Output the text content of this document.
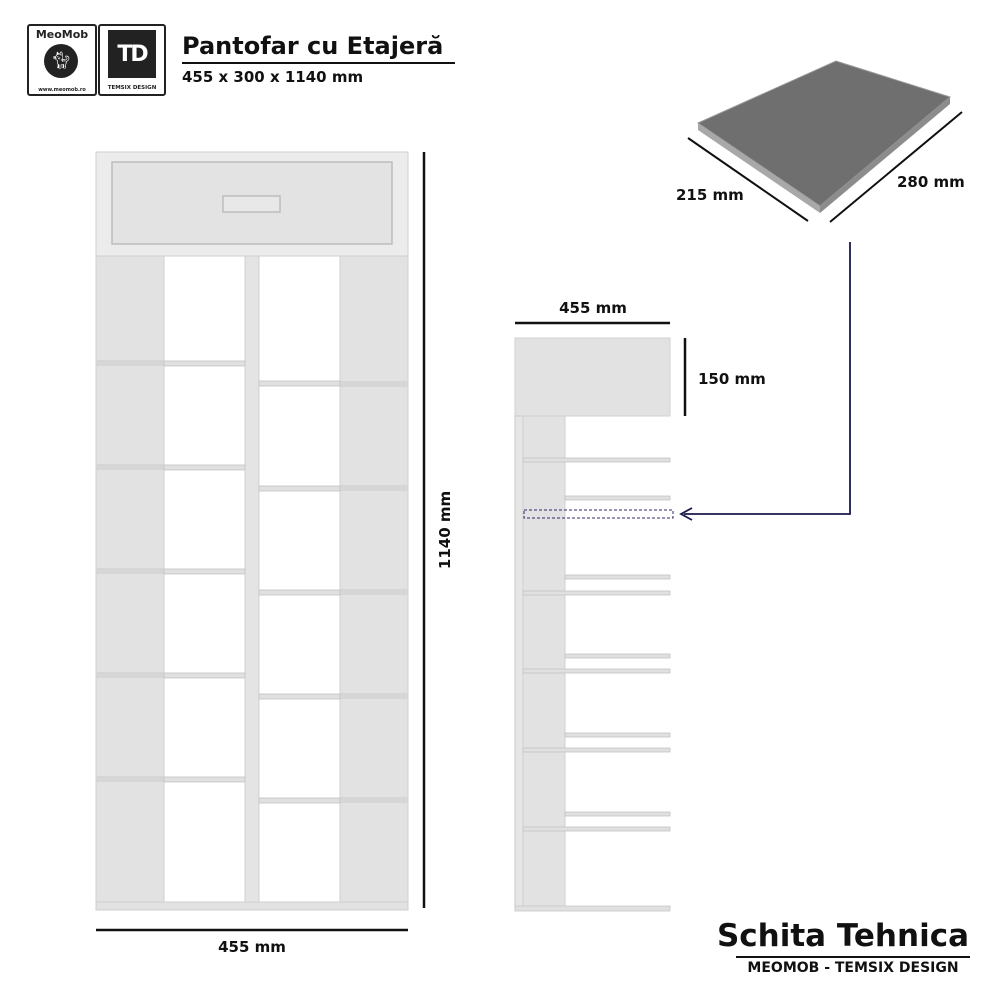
MeoMob
🐈︎
www.meomob.ro
TD
TEMSIX DESIGN
Pantofar cu Etajeră
455 x 300 x 1140 mm
1140 mm
455 mm
455 mm
150 mm
215 mm
280 mm
Schita Tehnica
MEOMOB - TEMSIX DESIGN
